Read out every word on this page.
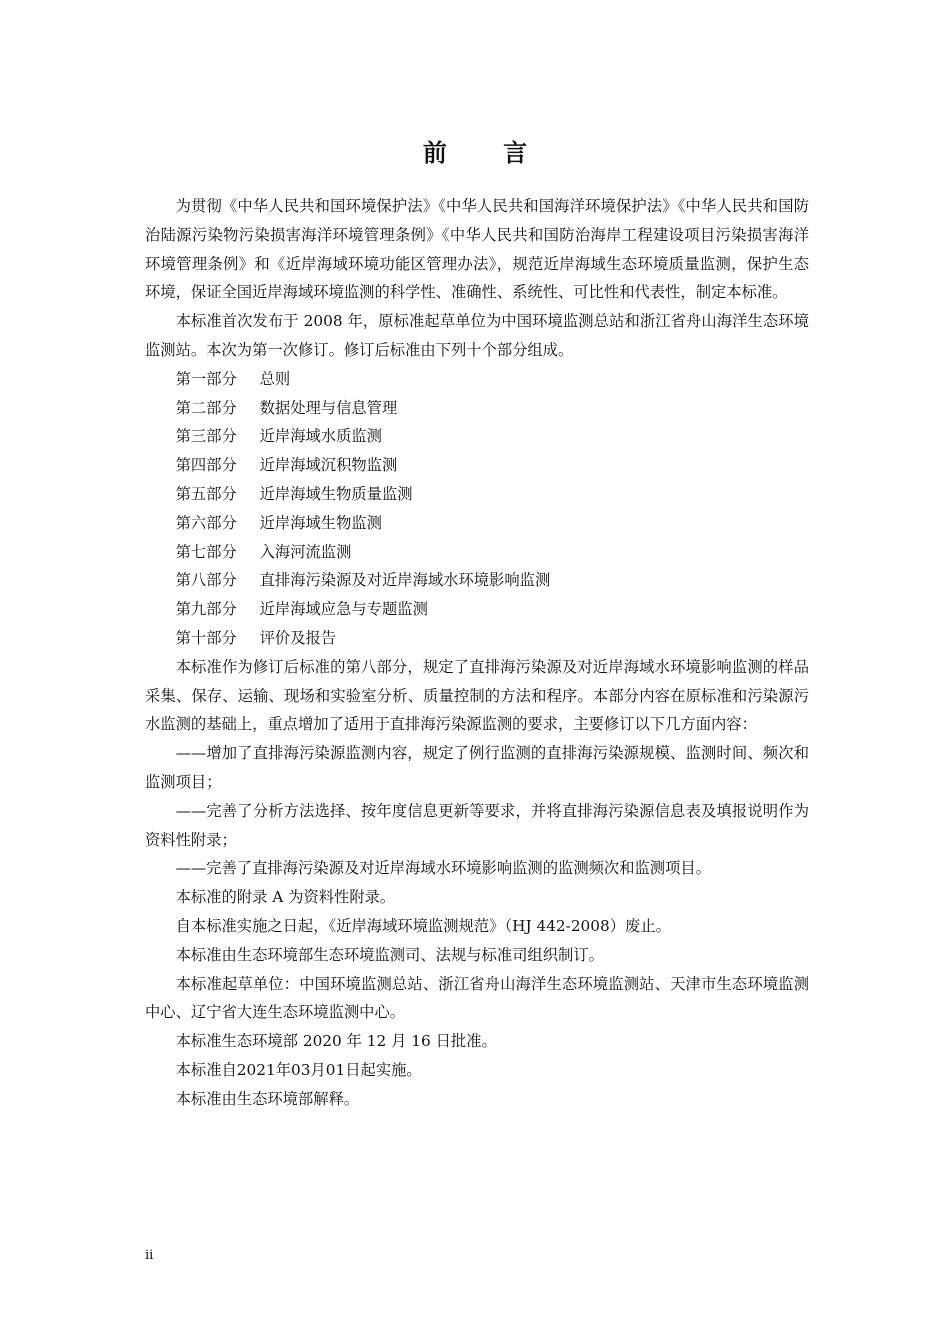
前 言

为贯彻《中华人民共和国环境保护法》《中华人民共和国海洋环境保护法》《中华人民共和国防治陆源污染物污染损害海洋环境管理条例》《中华人民共和国防治海岸工程建设项目污染损害海洋环境管理条例》和《近岸海域环境功能区管理办法》，规范近岸海域生态环境质量监测，保护生态环境，保证全国近岸海域环境监测的科学性、准确性、系统性、可比性和代表性，制定本标准。

本标准首次发布于 2008 年，原标准起草单位为中国环境监测总站和浙江省舟山海洋生态环境监测站。本次为第一次修订。修订后标准由下列十个部分组成。

第一部分 总则

第二部分 数据处理与信息管理

第三部分 近岸海域水质监测

第四部分 近岸海域沉积物监测

第五部分 近岸海域生物质量监测

第六部分 近岸海域生物监测

第七部分 入海河流监测

第八部分 直排海污染源及对近岸海域水环境影响监测

第九部分 近岸海域应急与专题监测

第十部分 评价及报告

本标准作为修订后标准的第八部分，规定了直排海污染源及对近岸海域水环境影响监测的样品采集、保存、运输、现场和实验室分析、质量控制的方法和程序。本部分内容在原标准和污染源污水监测的基础上，重点增加了适用于直排海污染源监测的要求，主要修订以下几方面内容：

——增加了直排海污染源监测内容，规定了例行监测的直排海污染源规模、监测时间、频次和监测项目；

——完善了分析方法选择、按年度信息更新等要求，并将直排海污染源信息表及填报说明作为资料性附录；

——完善了直排海污染源及对近岸海域水环境影响监测的监测频次和监测项目。

本标准的附录 A 为资料性附录。

自本标准实施之日起，《近岸海域环境监测规范》（HJ 442-2008）废止。

本标准由生态环境部生态环境监测司、法规与标准司组织制订。

本标准起草单位：中国环境监测总站、浙江省舟山海洋生态环境监测站、天津市生态环境监测中心、辽宁省大连生态环境监测中心。

本标准生态环境部 2020 年 12 月 16 日批准。

本标准自2021年03月01日起实施。

本标准由生态环境部解释。

ii
